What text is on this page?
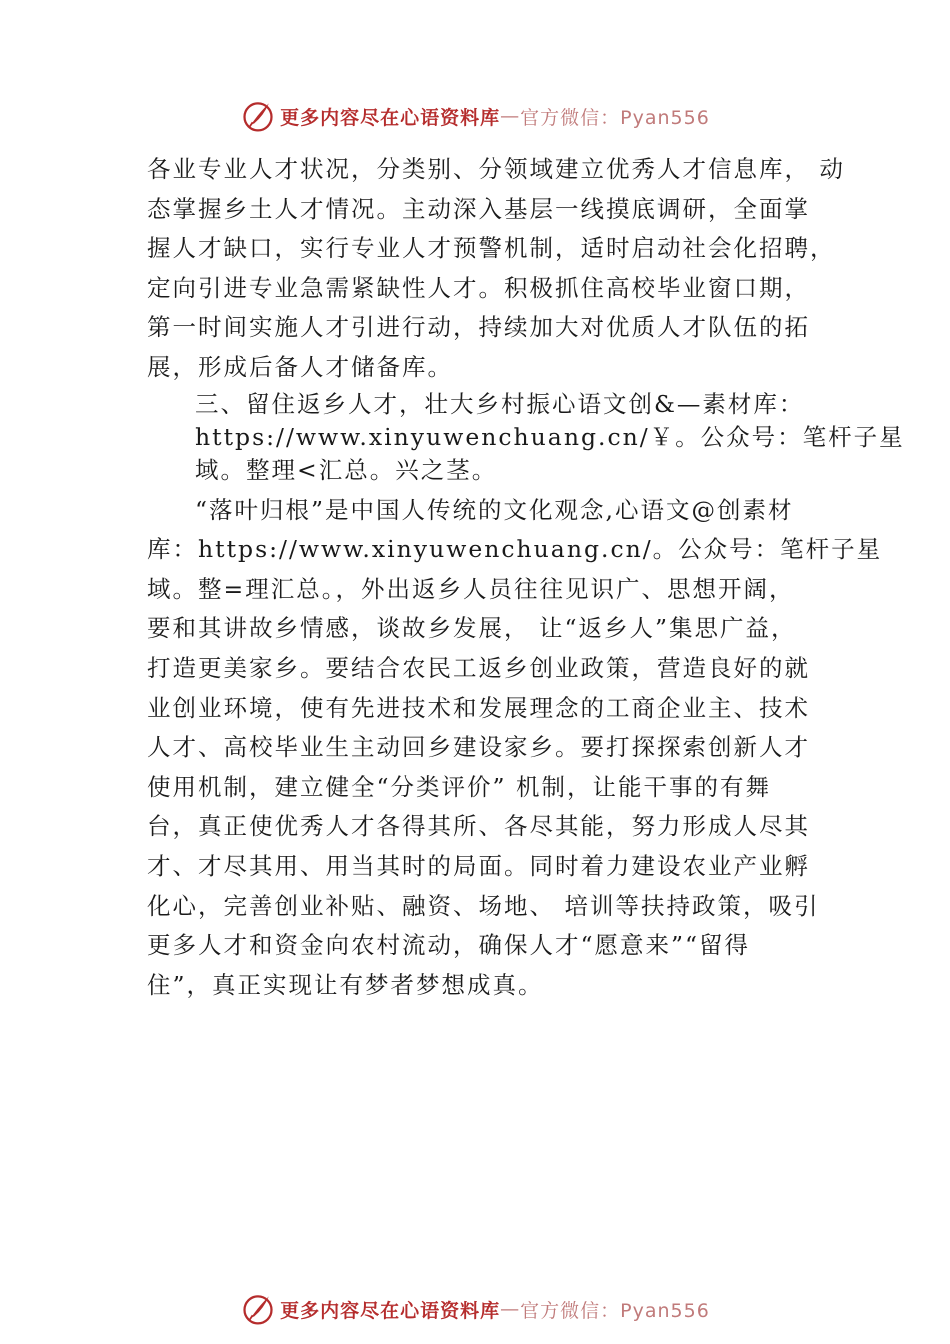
更多内容尽在心语资料库 — 官方微信：Pyan556
各业专业人才状况，分类别、分领域建立优秀人才信息库， 动
态掌握乡土人才情况。主动深入基层一线摸底调研，全面掌
握人才缺口，实行专业人才预警机制，适时启动社会化招聘，
定向引进专业急需紧缺性人才。积极抓住高校毕业窗口期，
第一时间实施人才引进行动，持续加大对优质人才队伍的拓
展，形成后备人才储备库。
三、留住返乡人才，壮大乡村振心语文创&—素材库：
https://www.xinyuwenchuang.cn/￥。公众号：笔杆子星
域。整理<汇总。兴之茎。
“落叶归根”是中国人传统的文化观念,心语文@创素材
库：https://www.xinyuwenchuang.cn/。公众号：笔杆子星
域。整=理汇总。，外出返乡人员往往见识广、思想开阔，
要和其讲故乡情感，谈故乡发展， 让“返乡人”集思广益，
打造更美家乡。要结合农民工返乡创业政策，营造良好的就
业创业环境，使有先进技术和发展理念的工商企业主、技术
人才、高校毕业生主动回乡建设家乡。要打探探索创新人才
使用机制，建立健全“分类评价” 机制，让能干事的有舞
台，真正使优秀人才各得其所、各尽其能，努力形成人尽其
才、才尽其用、用当其时的局面。同时着力建设农业产业孵
化心，完善创业补贴、融资、场地、 培训等扶持政策，吸引
更多人才和资金向农村流动，确保人才“愿意来”“留得
住”，真正实现让有梦者梦想成真。
更多内容尽在心语资料库 — 官方微信：Pyan556
